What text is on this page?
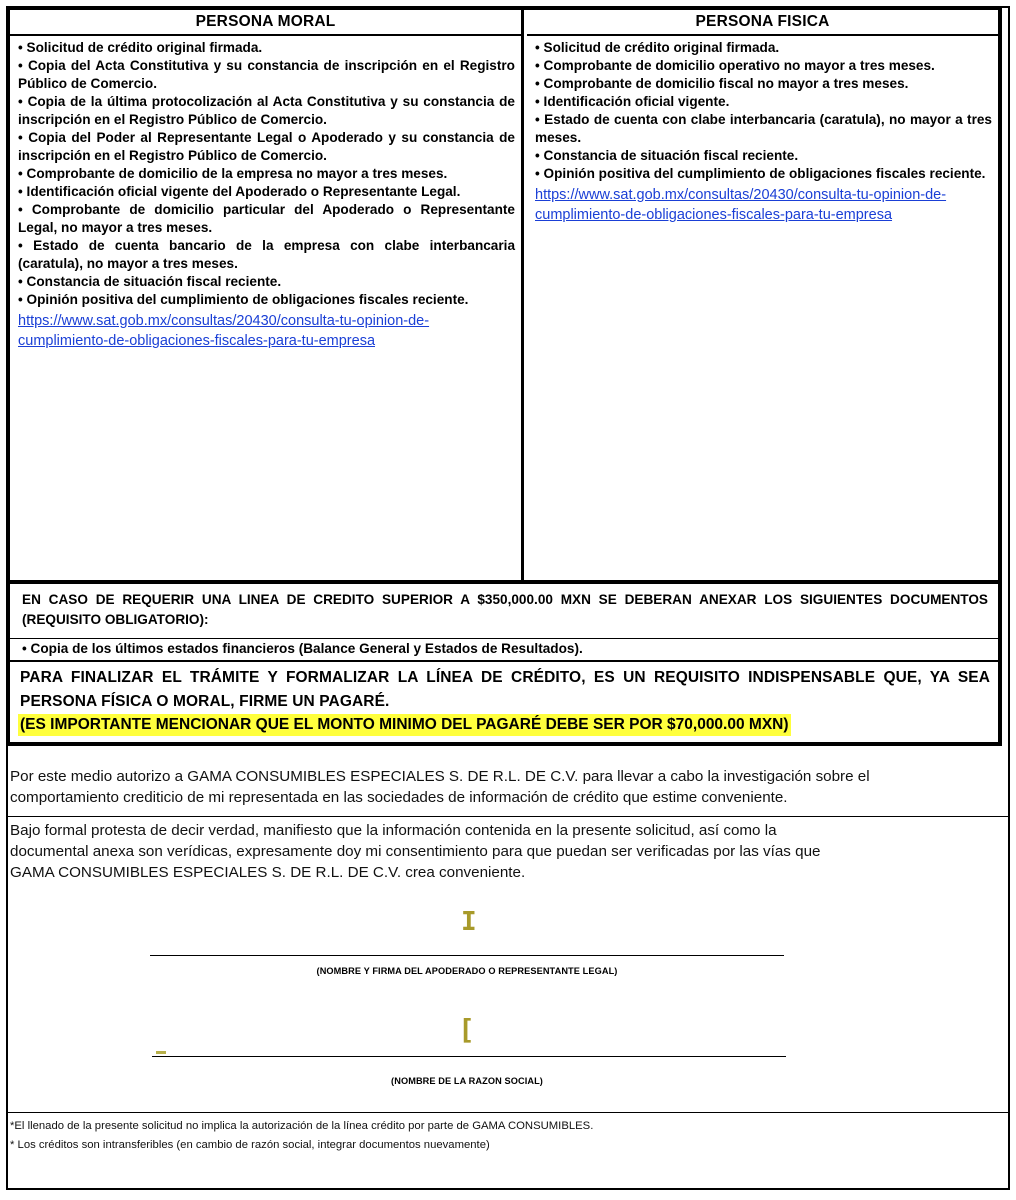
PERSONA MORAL

• Solicitud de crédito original firmada.

• Copia del Acta Constitutiva y su constancia de inscripción en el Registro Público de Comercio.

• Copia de la última protocolización al Acta Constitutiva y su constancia de inscripción en el Registro Público de Comercio.

• Copia del Poder al Representante Legal o Apoderado y su constancia de inscripción en el Registro Público de Comercio.

• Comprobante de domicilio de la empresa no mayor a tres meses.

• Identificación oficial vigente del Apoderado o Representante Legal.

• Comprobante de domicilio particular del Apoderado o Representante Legal, no mayor a tres meses.

• Estado de cuenta bancario de la empresa con clabe interbancaria (caratula), no mayor a tres meses.

• Constancia de situación fiscal reciente.

• Opinión positiva del cumplimiento de obligaciones fiscales reciente.

https://www.sat.gob.mx/consultas/20430/consulta-tu-opinion-de-cumplimiento-de-obligaciones-fiscales-para-tu-empresa
PERSONA FISICA

• Solicitud de crédito original firmada.

• Comprobante de domicilio operativo no mayor a tres meses.

• Comprobante de domicilio fiscal no mayor a tres meses.

• Identificación oficial vigente.

• Estado de cuenta con clabe interbancaria (caratula), no mayor a tres meses.

• Constancia de situación fiscal reciente.

• Opinión positiva del cumplimiento de obligaciones fiscales reciente.

https://www.sat.gob.mx/consultas/20430/consulta-tu-opinion-de-cumplimiento-de-obligaciones-fiscales-para-tu-empresa
EN CASO DE REQUERIR UNA LINEA DE CREDITO SUPERIOR A $350,000.00 MXN SE DEBERAN ANEXAR LOS SIGUIENTES DOCUMENTOS (REQUISITO OBLIGATORIO):
• Copia de los últimos estados financieros (Balance General y Estados de Resultados).
PARA FINALIZAR EL TRÁMITE Y FORMALIZAR LA LÍNEA DE CRÉDITO, ES UN REQUISITO INDISPENSABLE QUE, YA SEA PERSONA FÍSICA O MORAL, FIRME UN PAGARÉ.
(ES IMPORTANTE MENCIONAR QUE EL MONTO MINIMO DEL PAGARÉ DEBE SER POR $70,000.00 MXN)
Por este medio autorizo a GAMA CONSUMIBLES ESPECIALES S. DE R.L. DE C.V. para llevar a cabo la investigación sobre el
comportamiento crediticio de mi representada en las sociedades de información de crédito que estime conveniente.
Bajo formal protesta de decir verdad, manifiesto que la información contenida en la presente solicitud, así como la
documental anexa son verídicas, expresamente doy mi consentimiento para que puedan ser verificadas por las vías que
GAMA CONSUMIBLES ESPECIALES S. DE R.L. DE C.V. crea conveniente.
I
(NOMBRE Y FIRMA DEL APODERADO O REPRESENTANTE LEGAL)
[
(NOMBRE DE LA RAZON SOCIAL)
*El llenado de la presente solicitud no implica la autorización de la línea crédito por parte de GAMA CONSUMIBLES.
* Los créditos son intransferibles (en cambio de razón social, integrar documentos nuevamente)
